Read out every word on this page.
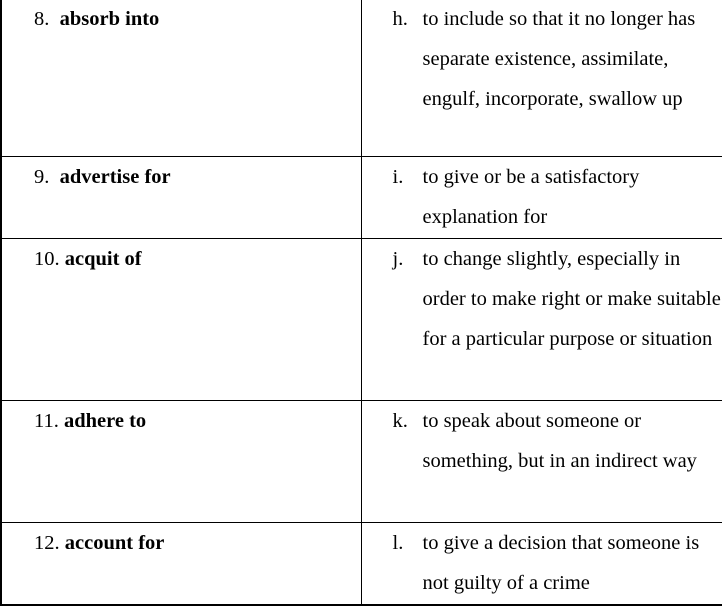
8. absorb into	h. to include so that it no longer has separate existence, assimilate, engulf, incorporate, swallow up

9. advertise for	i. to give or be a satisfactory explanation for

10. acquit of	j. to change slightly, especially in order to make right or make suitable for a particular purpose or situation

11. adhere to	k. to speak about someone or something, but in an indirect way

12. account for	l. to give a decision that someone is not guilty of a crime
